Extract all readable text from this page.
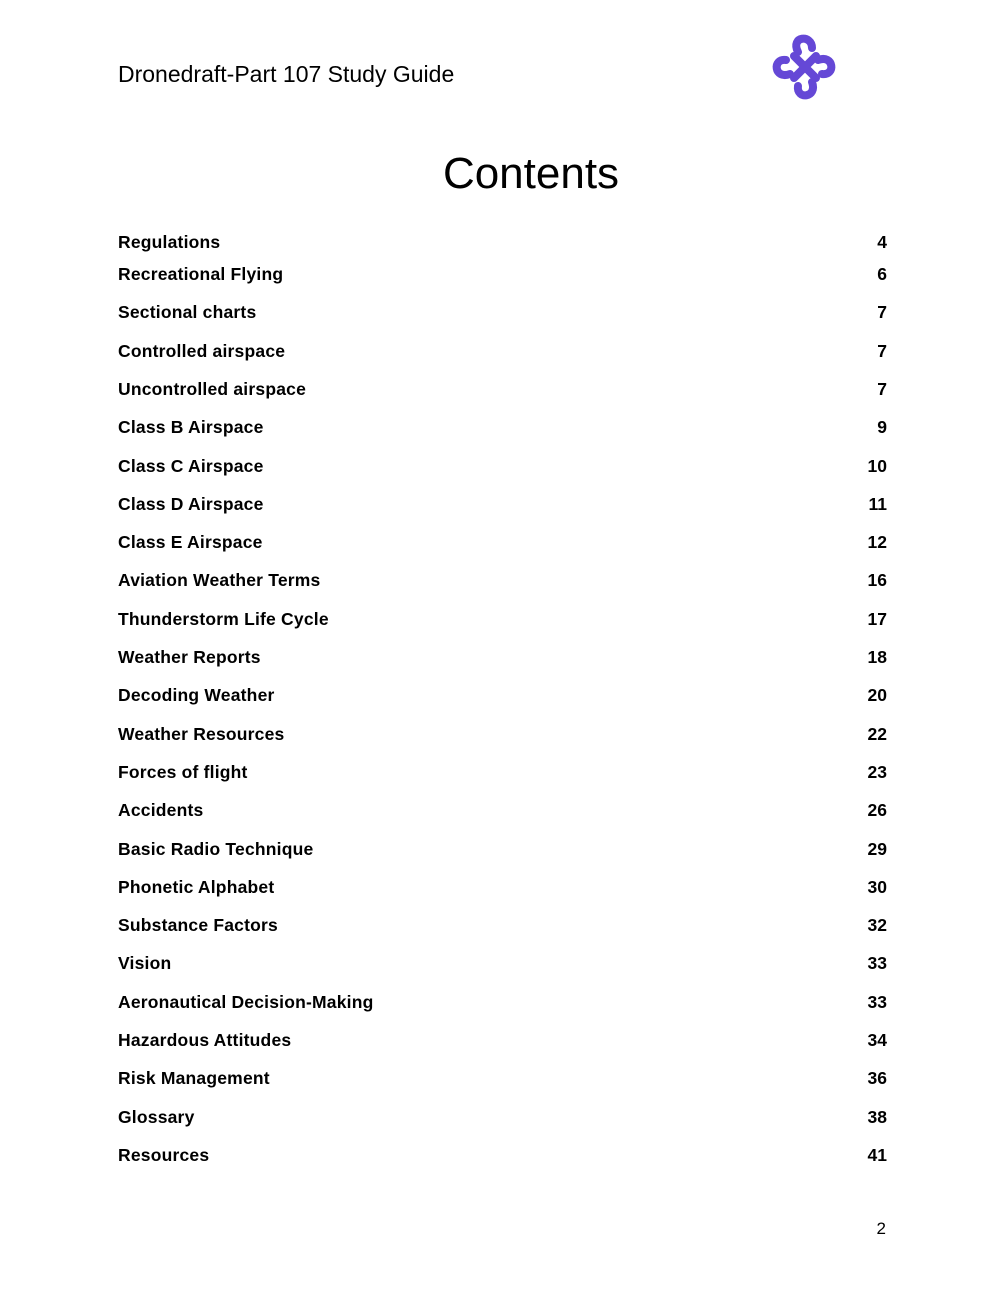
Dronedraft-Part 107 Study Guide
Contents
Regulations	4
Recreational Flying	6
Sectional charts	7
Controlled airspace	7
Uncontrolled airspace	7
Class B Airspace	9
Class C Airspace	10
Class D Airspace	11
Class E Airspace	12
Aviation Weather Terms	16
Thunderstorm Life Cycle	17
Weather Reports	18
Decoding Weather	20
Weather Resources	22
Forces of flight	23
Accidents	26
Basic Radio Technique	29
Phonetic Alphabet	30
Substance Factors	32
Vision	33
Aeronautical Decision-Making	33
Hazardous Attitudes	34
Risk Management	36
Glossary	38
Resources	41
2
